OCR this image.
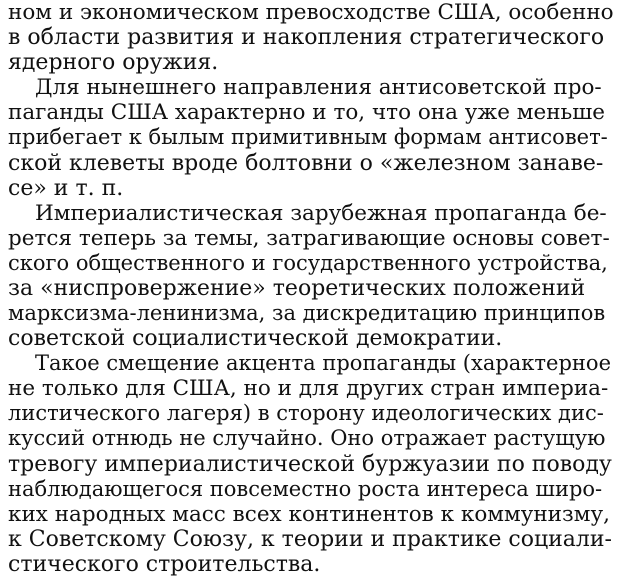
ном и экономическом превосходстве США, особенно
в области развития и накопления стратегического
ядерного оружия.
Для нынешнего направления антисоветской про-
паганды США характерно и то, что она уже меньше
прибегает к былым примитивным формам антисовет-
ской клеветы вроде болтовни о «железном занаве-
се» и т. п.
Империалистическая зарубежная пропаганда бе-
рется теперь за темы, затрагивающие основы совет-
ского общественного и государственного устройства,
за «ниспровержение» теоретических положений
марксизма-ленинизма, за дискредитацию принципов
советской социалистической демократии.
Такое смещение акцента пропаганды (характерное
не только для США, но и для других стран империа-
листического лагеря) в сторону идеологических дис-
куссий отнюдь не случайно. Оно отражает растущую
тревогу империалистической буржуазии по поводу
наблюдающегося повсеместно роста интереса широ-
ких народных масс всех континентов к коммунизму,
к Советскому Союзу, к теории и практике социали-
стического строительства.
